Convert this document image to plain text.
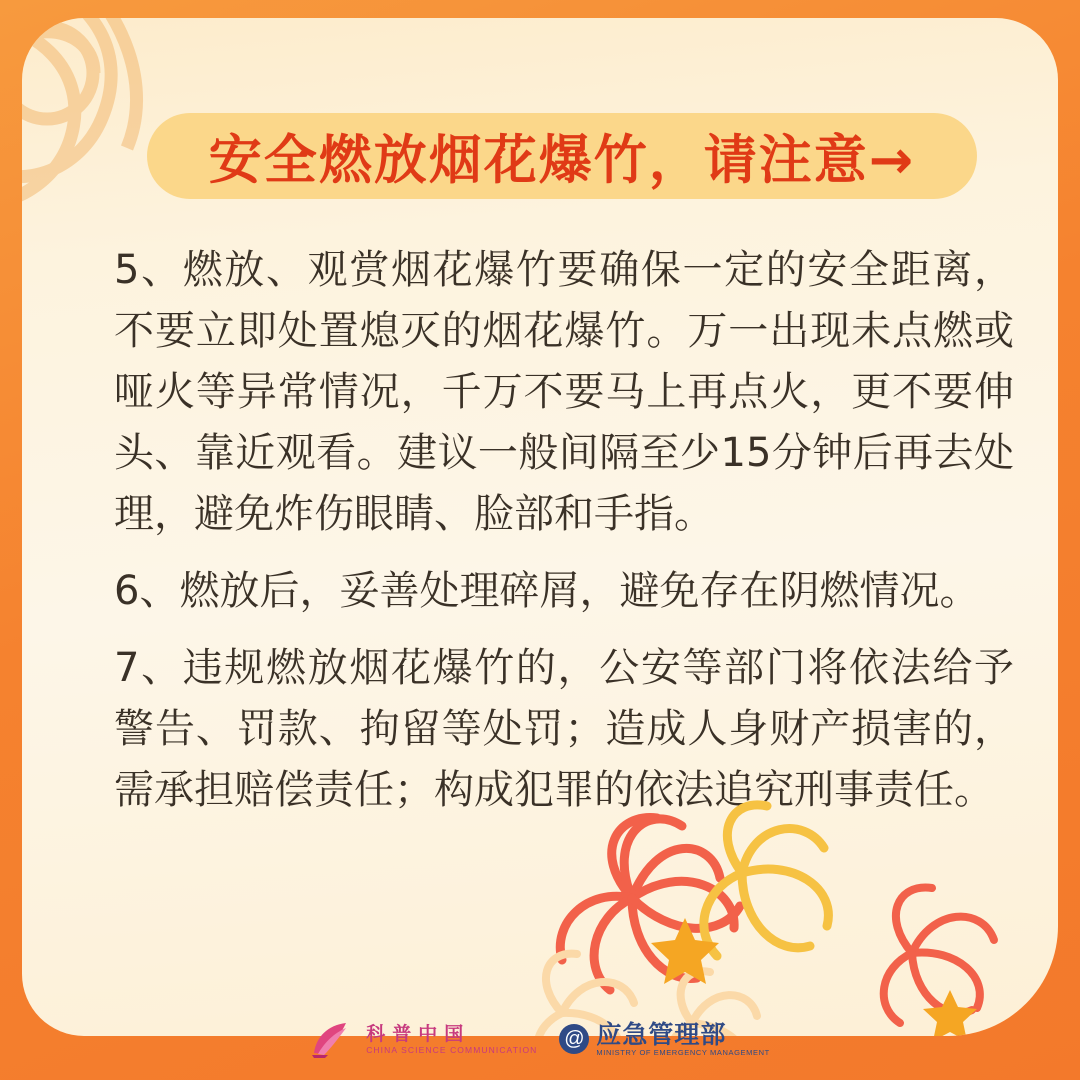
安全燃放烟花爆竹，请注意→

5、燃放、观赏烟花爆竹要确保一定的安全距离，不要立即处置熄灭的烟花爆竹。万一出现未点燃或哑火等异常情况，千万不要马上再点火，更不要伸头、靠近观看。建议一般间隔至少15分钟后再去处理，避免炸伤眼睛、脸部和手指。

6、燃放后，妥善处理碎屑，避免存在阴燃情况。

7、违规燃放烟花爆竹的，公安等部门将依法给予警告、罚款、拘留等处罚；造成人身财产损害的，需承担赔偿责任；构成犯罪的依法追究刑事责任。

科普中国
CHINA SCIENCE COMMUNICATION @ 应急管理部
MINISTRY OF EMERGENCY MANAGEMENT
